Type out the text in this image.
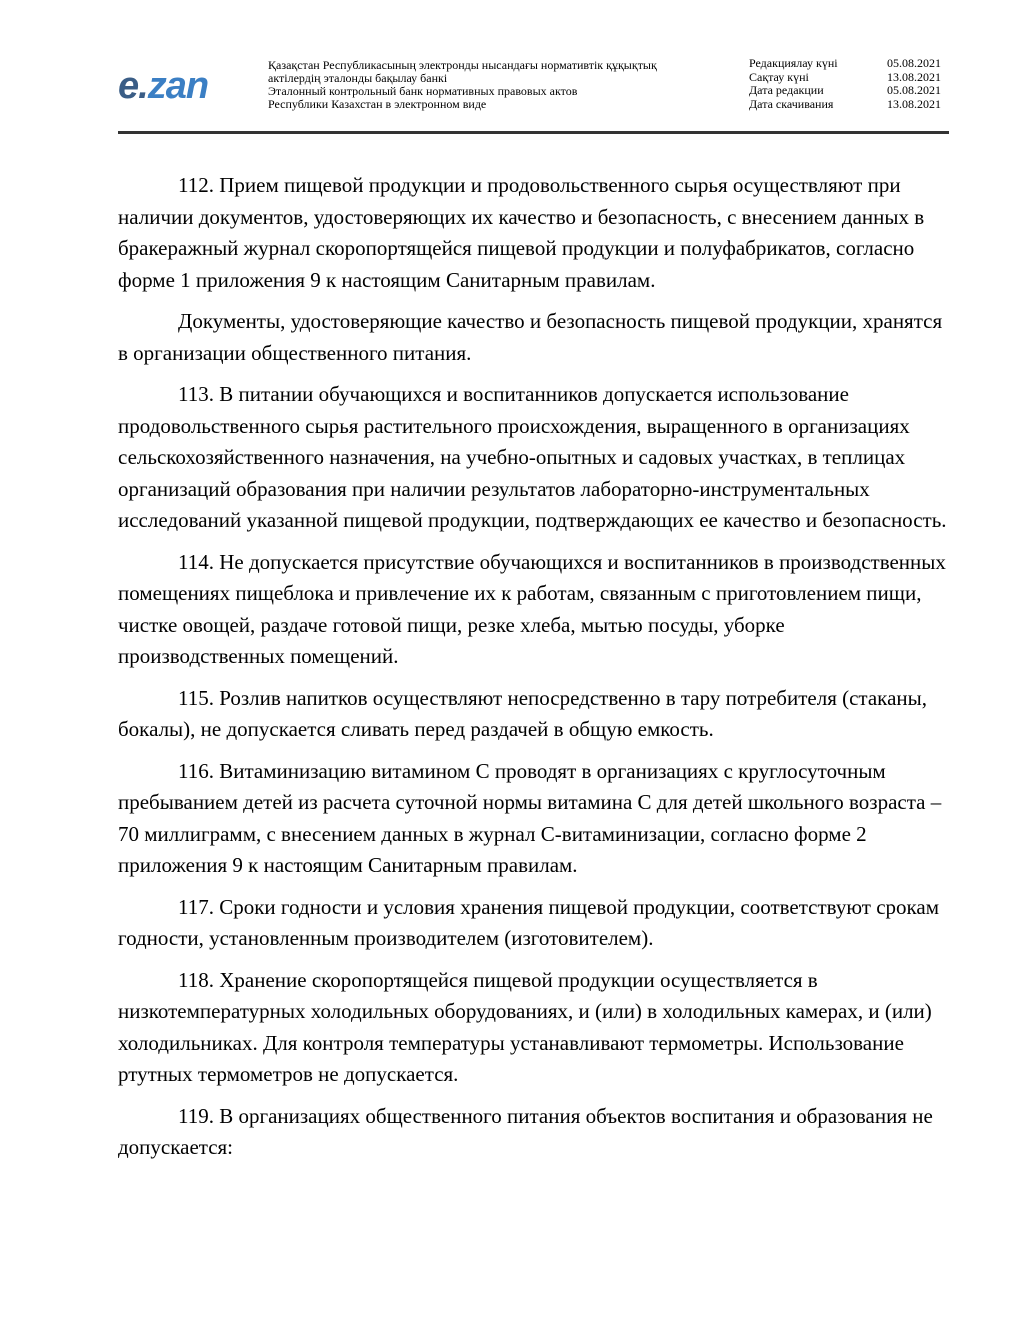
e.zan	Қазақстан Республикасының электронды нысандағы нормативтік құқықтық
актілердің эталонды бақылау банкі
Эталонный контрольный банк нормативных правовых актов
Республики Казахстан в электронном виде
Редакциялау күні	05.08.2021
Сақтау күні	13.08.2021
Дата редакции	05.08.2021
Дата скачивания	13.08.2021

112. Прием пищевой продукции и продовольственного сырья осуществляют при наличии документов, удостоверяющих их качество и безопасность, с внесением данных в бракеражный журнал скоропортящейся пищевой продукции и полуфабрикатов, согласно форме 1 приложения 9 к настоящим Санитарным правилам.

Документы, удостоверяющие качество и безопасность пищевой продукции, хранятся в организации общественного питания.

113. В питании обучающихся и воспитанников допускается использование продовольственного сырья растительного происхождения, выращенного в организациях сельскохозяйственного назначения, на учебно-опытных и садовых участках, в теплицах организаций образования при наличии результатов лабораторно-инструментальных исследований указанной пищевой продукции, подтверждающих ее качество и безопасность.

114. Не допускается присутствие обучающихся и воспитанников в производственных помещениях пищеблока и привлечение их к работам, связанным с приготовлением пищи, чистке овощей, раздаче готовой пищи, резке хлеба, мытью посуды, уборке производственных помещений.

115. Розлив напитков осуществляют непосредственно в тару потребителя (стаканы, бокалы), не допускается сливать перед раздачей в общую емкость.

116. Витаминизацию витамином С проводят в организациях с круглосуточным пребыванием детей из расчета суточной нормы витамина С для детей школьного возраста – 70 миллиграмм, с внесением данных в журнал С-витаминизации, согласно форме 2 приложения 9 к настоящим Санитарным правилам.

117. Сроки годности и условия хранения пищевой продукции, соответствуют срокам годности, установленным производителем (изготовителем).

118. Хранение скоропортящейся пищевой продукции осуществляется в низкотемпературных холодильных оборудованиях, и (или) в холодильных камерах, и (или) холодильниках. Для контроля температуры устанавливают термометры. Использование ртутных термометров не допускается.

119. В организациях общественного питания объектов воспитания и образования не допускается:
